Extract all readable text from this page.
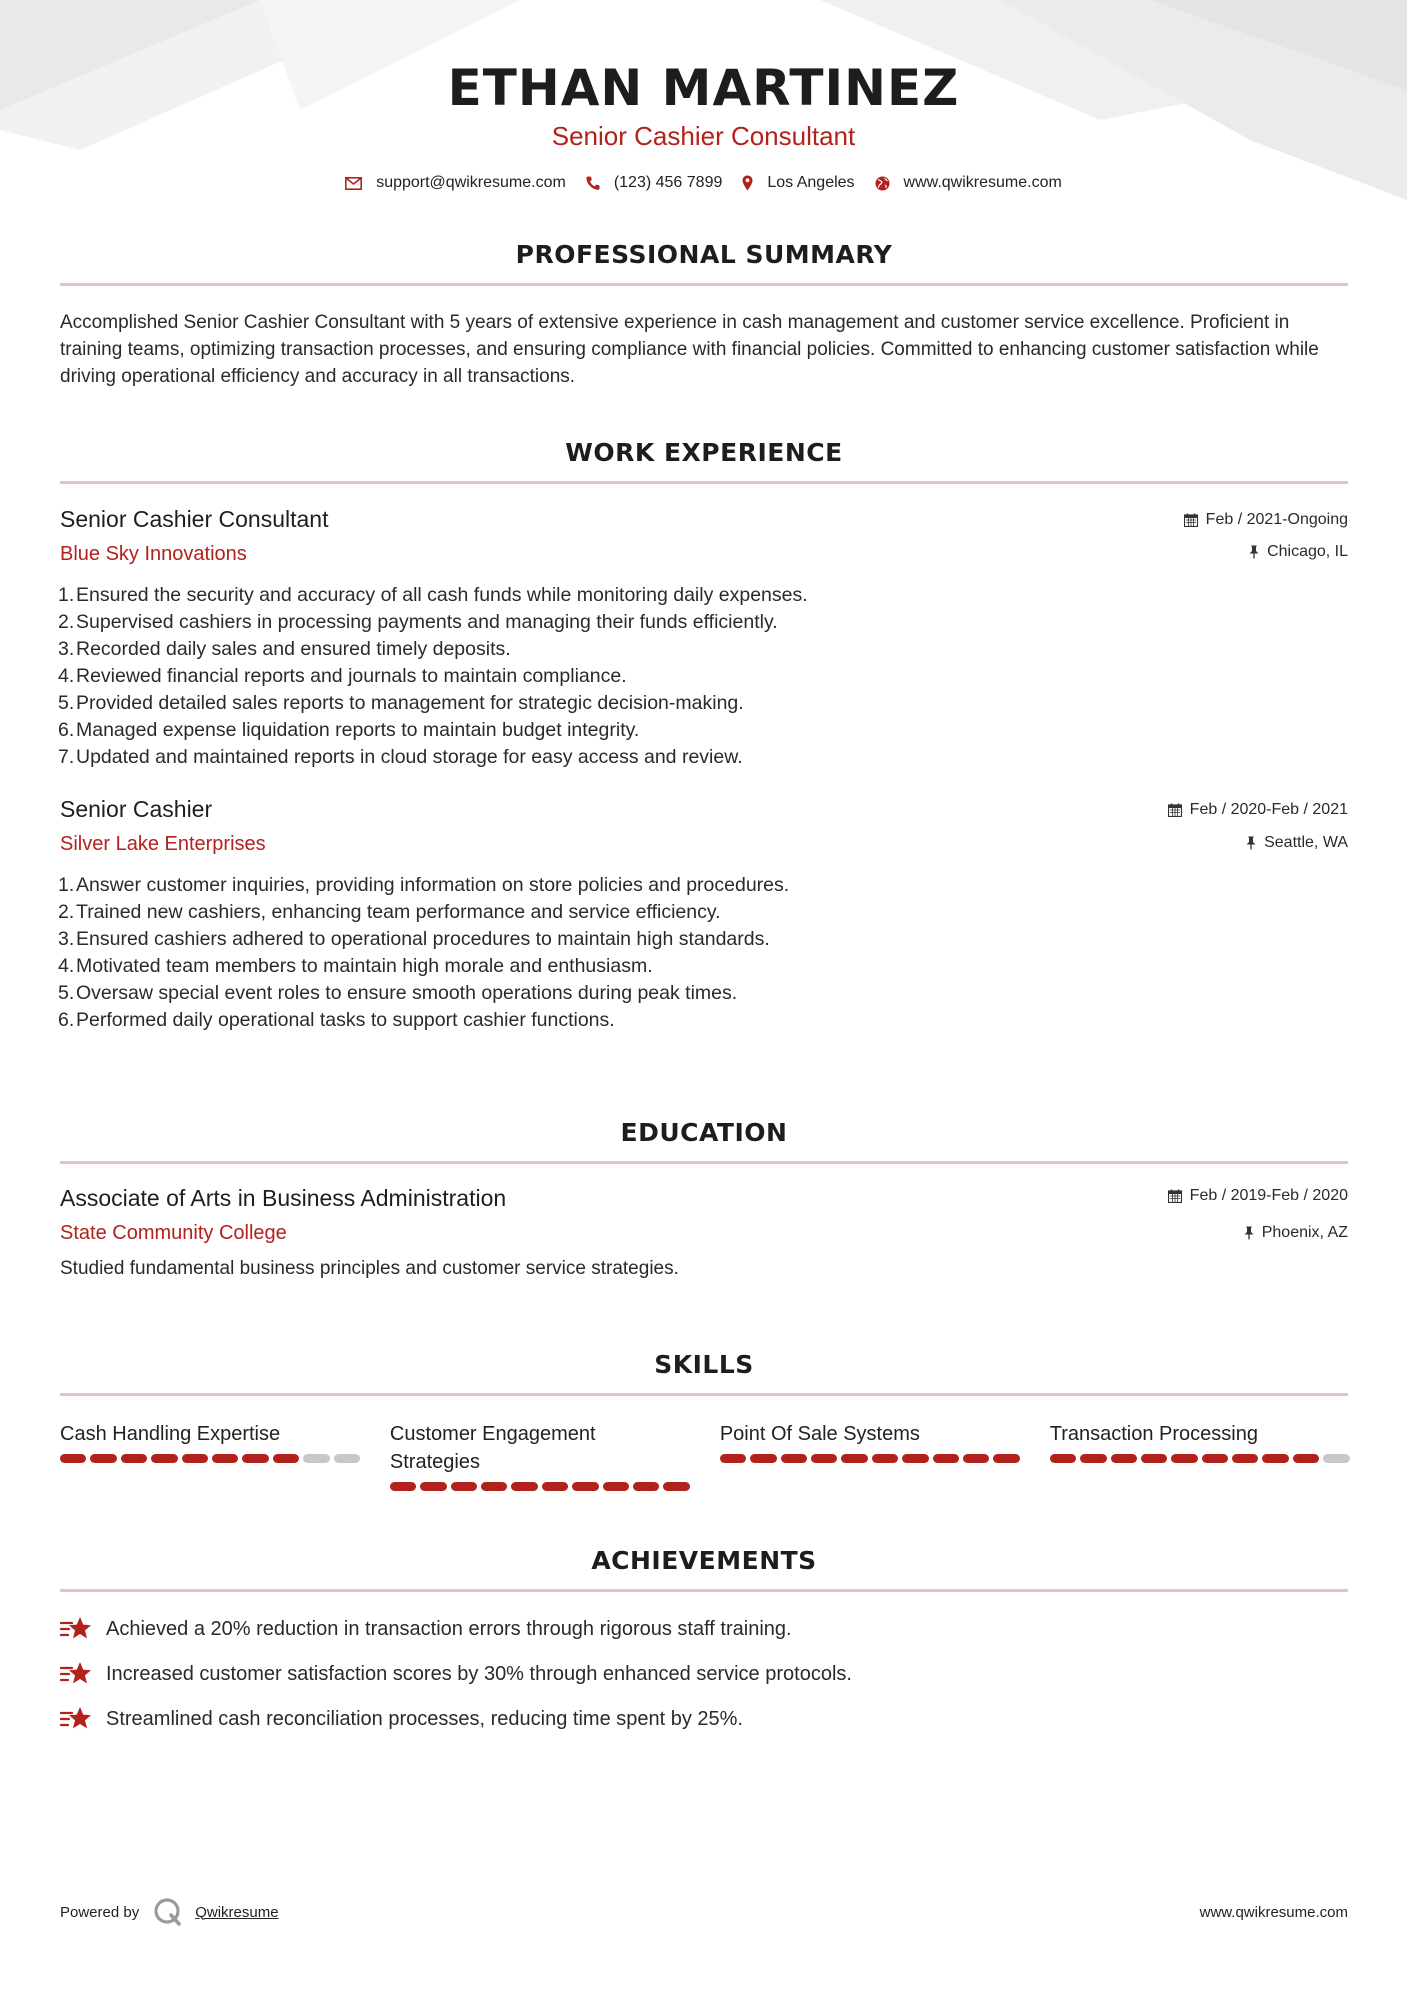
ETHAN MARTINEZ
Senior Cashier Consultant
support@qwikresume.com	(123) 456 7899	Los Angeles	www.qwikresume.com
PROFESSIONAL SUMMARY
Accomplished Senior Cashier Consultant with 5 years of extensive experience in cash management and customer service excellence. Proficient in training teams, optimizing transaction processes, and ensuring compliance with financial policies. Committed to enhancing customer satisfaction while driving operational efficiency and accuracy in all transactions.
WORK EXPERIENCE
Senior Cashier Consultant
Blue Sky Innovations
Feb / 2021-Ongoing
Chicago, IL
1. Ensured the security and accuracy of all cash funds while monitoring daily expenses.
2. Supervised cashiers in processing payments and managing their funds efficiently.
3. Recorded daily sales and ensured timely deposits.
4. Reviewed financial reports and journals to maintain compliance.
5. Provided detailed sales reports to management for strategic decision-making.
6. Managed expense liquidation reports to maintain budget integrity.
7. Updated and maintained reports in cloud storage for easy access and review.
Senior Cashier
Silver Lake Enterprises
Feb / 2020-Feb / 2021
Seattle, WA
1. Answer customer inquiries, providing information on store policies and procedures.
2. Trained new cashiers, enhancing team performance and service efficiency.
3. Ensured cashiers adhered to operational procedures to maintain high standards.
4. Motivated team members to maintain high morale and enthusiasm.
5. Oversaw special event roles to ensure smooth operations during peak times.
6. Performed daily operational tasks to support cashier functions.
EDUCATION
Associate of Arts in Business Administration
State Community College
Feb / 2019-Feb / 2020
Phoenix, AZ
Studied fundamental business principles and customer service strategies.
SKILLS
Cash Handling Expertise	Customer Engagement Strategies
Point Of Sale Systems	Transaction Processing
ACHIEVEMENTS
Achieved a 20% reduction in transaction errors through rigorous staff training.
Increased customer satisfaction scores by 30% through enhanced service protocols.
Streamlined cash reconciliation processes, reducing time spent by 25%.
Powered by	Qwikresume	www.qwikresume.com
